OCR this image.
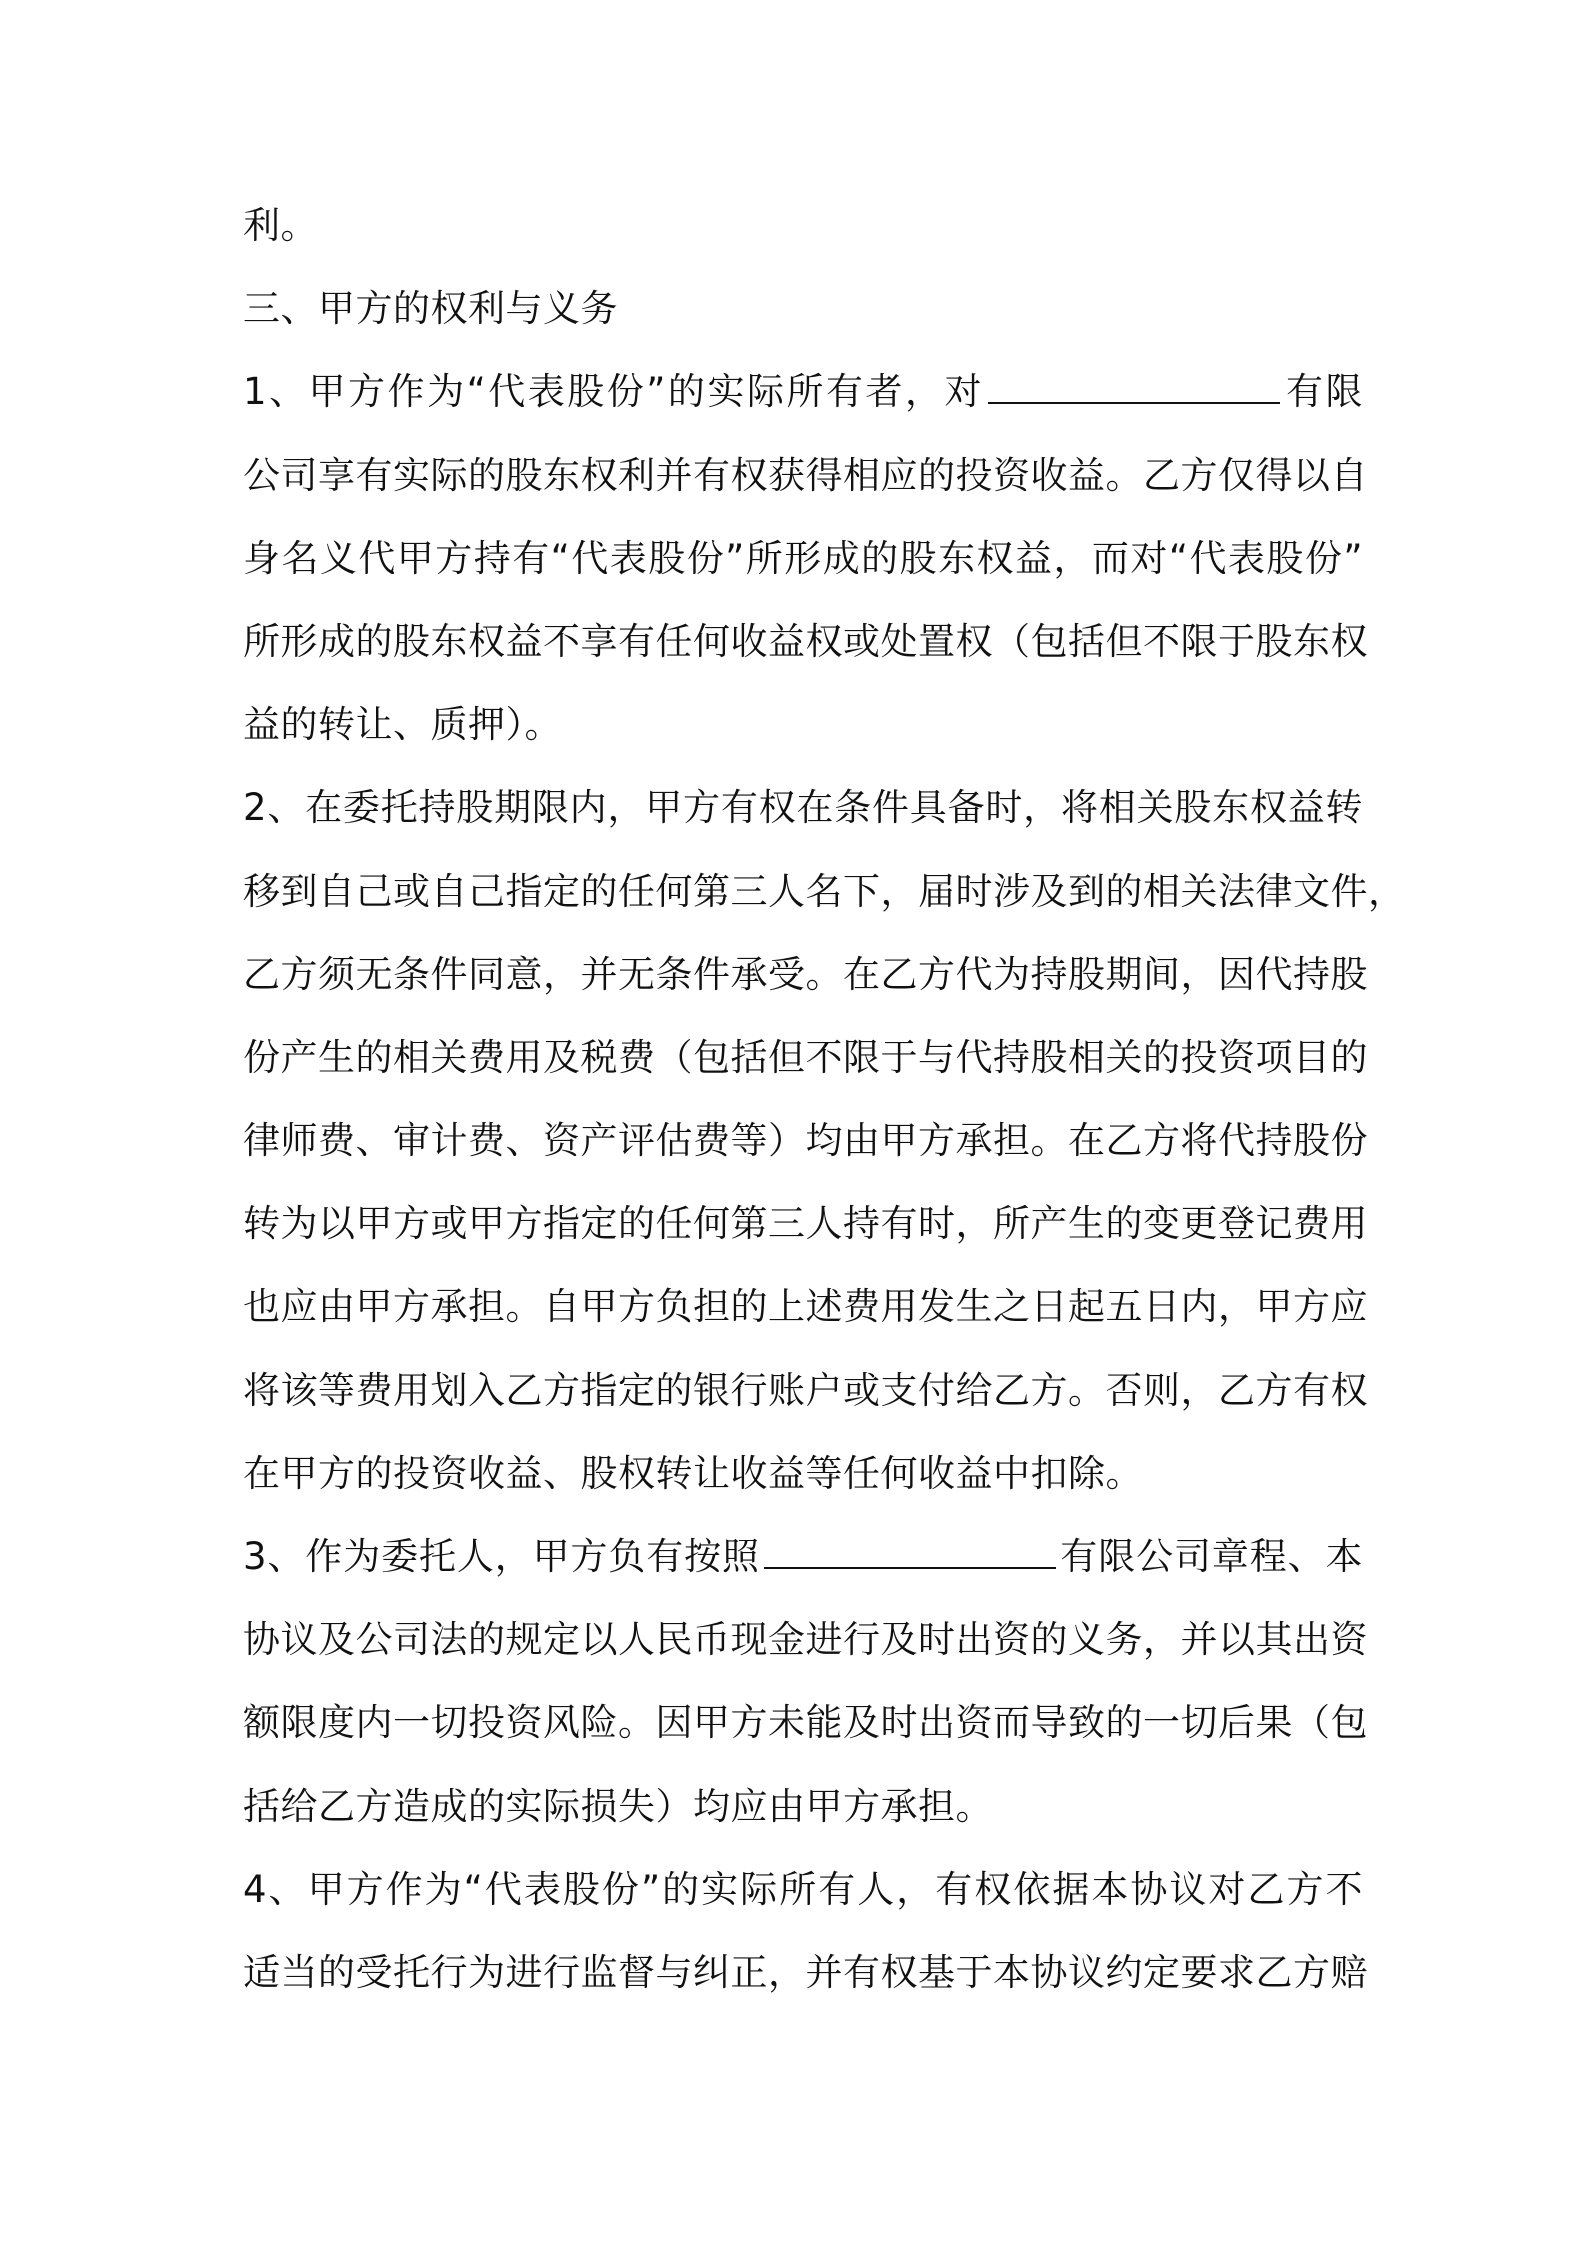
利。
三、甲方的权利与义务
1、甲方作为“代表股份”的实际所有者，对	有限
公司享有实际的股东权利并有权获得相应的投资收益。乙方仅得以自
身名义代甲方持有“代表股份”所形成的股东权益，而对“代表股份”
所形成的股东权益不享有任何收益权或处置权（包括但不限于股东权
益的转让、质押）。
2、在委托持股期限内，甲方有权在条件具备时，将相关股东权益转
移到自己或自己指定的任何第三人名下，届时涉及到的相关法律文件，
乙方须无条件同意，并无条件承受。在乙方代为持股期间，因代持股
份产生的相关费用及税费（包括但不限于与代持股相关的投资项目的
律师费、审计费、资产评估费等）均由甲方承担。在乙方将代持股份
转为以甲方或甲方指定的任何第三人持有时，所产生的变更登记费用
也应由甲方承担。自甲方负担的上述费用发生之日起五日内，甲方应
将该等费用划入乙方指定的银行账户或支付给乙方。否则，乙方有权
在甲方的投资收益、股权转让收益等任何收益中扣除。
3、作为委托人，甲方负有按照	有限公司章程、本
协议及公司法的规定以人民币现金进行及时出资的义务，并以其出资
额限度内一切投资风险。因甲方未能及时出资而导致的一切后果（包
括给乙方造成的实际损失）均应由甲方承担。
4、甲方作为“代表股份”的实际所有人，有权依据本协议对乙方不
适当的受托行为进行监督与纠正，并有权基于本协议约定要求乙方赔
